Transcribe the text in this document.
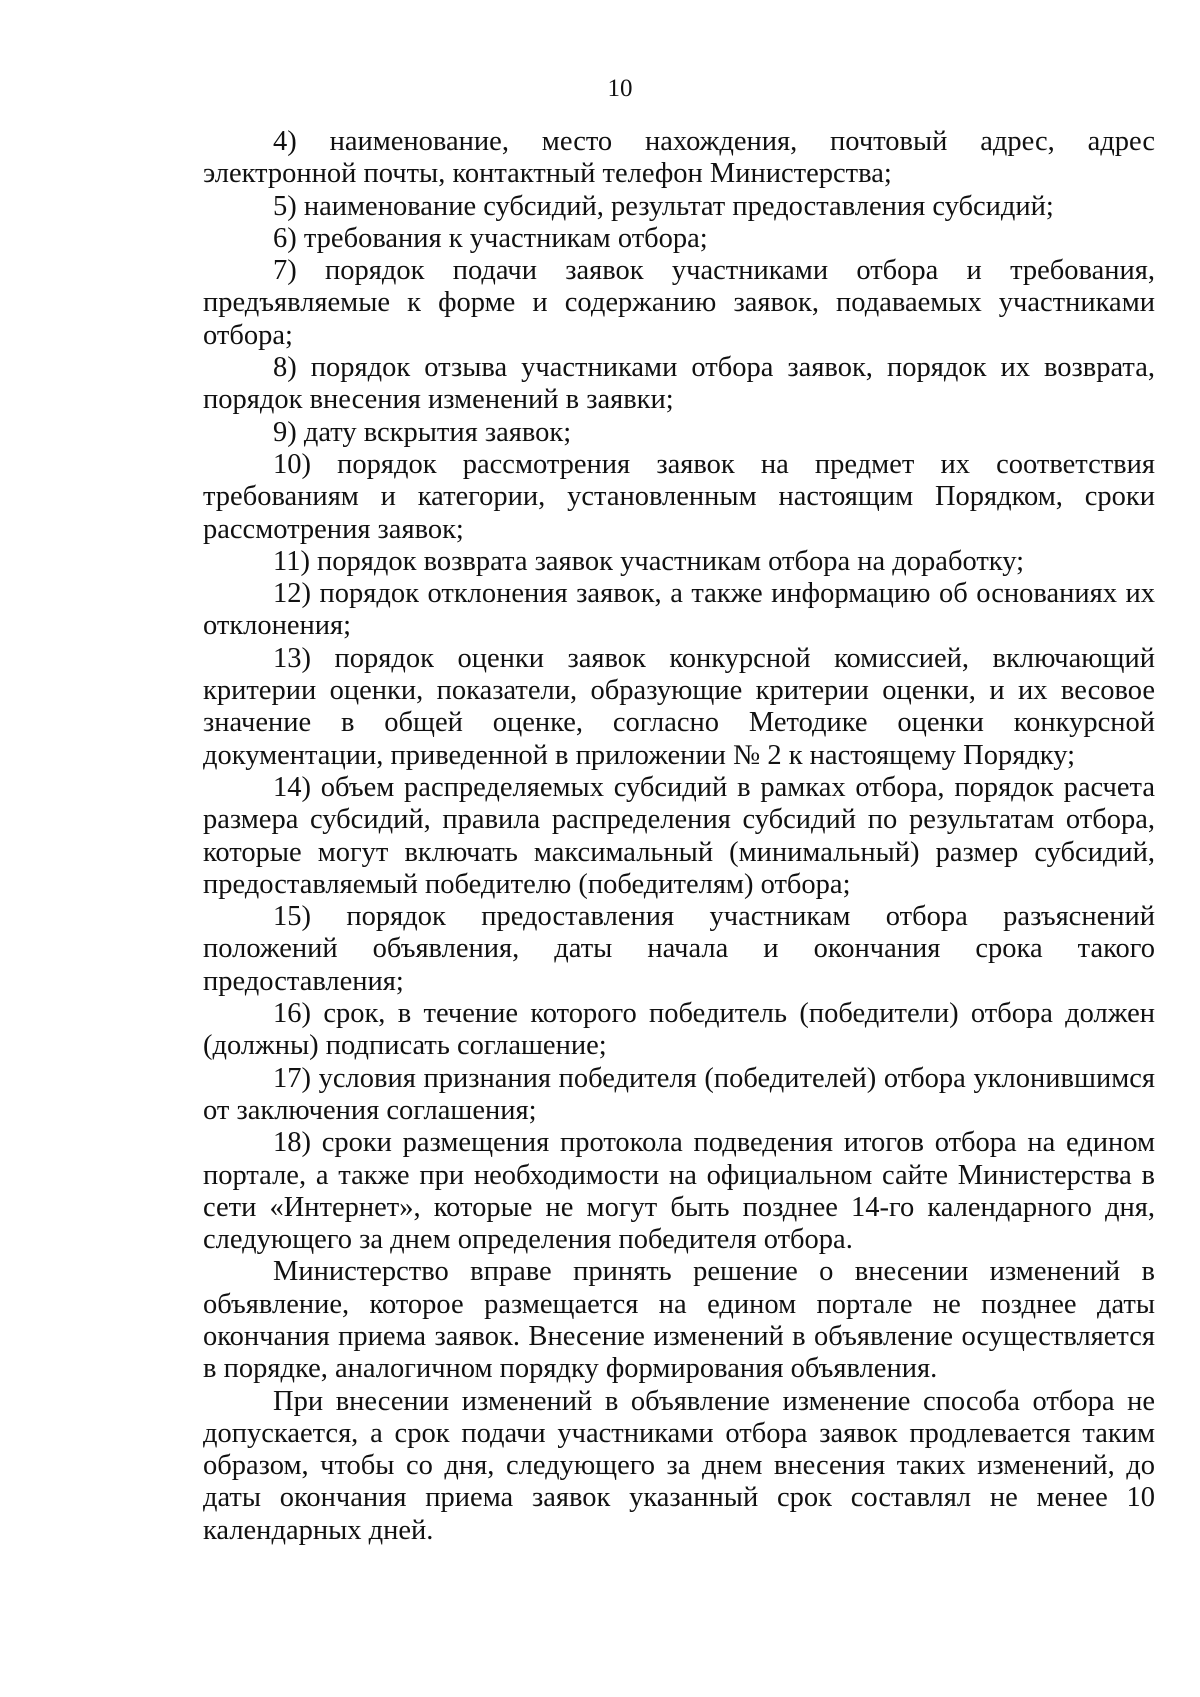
10

4) наименование, место нахождения, почтовый адрес, адрес электронной почты, контактный телефон Министерства;

5) наименование субсидий, результат предоставления субсидий;

6) требования к участникам отбора;

7) порядок подачи заявок участниками отбора и требования, предъявляемые к форме и содержанию заявок, подаваемых участниками отбора;

8) порядок отзыва участниками отбора заявок, порядок их возврата, порядок внесения изменений в заявки;

9) дату вскрытия заявок;

10) порядок рассмотрения заявок на предмет их соответствия требованиям и категории, установленным настоящим Порядком, сроки рассмотрения заявок;

11) порядок возврата заявок участникам отбора на доработку;

12) порядок отклонения заявок, а также информацию об основаниях их отклонения;

13) порядок оценки заявок конкурсной комиссией, включающий критерии оценки, показатели, образующие критерии оценки, и их весовое значение в общей оценке, согласно Методике оценки конкурсной документации, приведенной в приложении № 2 к настоящему Порядку;

14) объем распределяемых субсидий в рамках отбора, порядок расчета размера субсидий, правила распределения субсидий по результатам отбора, которые могут включать максимальный (минимальный) размер субсидий, предоставляемый победителю (победителям) отбора;

15) порядок предоставления участникам отбора разъяснений положений объявления, даты начала и окончания срока такого предоставления;

16) срок, в течение которого победитель (победители) отбора должен (должны) подписать соглашение;

17) условия признания победителя (победителей) отбора уклонившимся от заключения соглашения;

18) сроки размещения протокола подведения итогов отбора на едином портале, а также при необходимости на официальном сайте Министерства в сети «Интернет», которые не могут быть позднее 14-го календарного дня, следующего за днем определения победителя отбора.

Министерство вправе принять решение о внесении изменений в объявление, которое размещается на едином портале не позднее даты окончания приема заявок. Внесение изменений в объявление осуществляется в порядке, аналогичном порядку формирования объявления.

При внесении изменений в объявление изменение способа отбора не допускается, а срок подачи участниками отбора заявок продлевается таким образом, чтобы со дня, следующего за днем внесения таких изменений, до даты окончания приема заявок указанный срок составлял не менее 10 календарных дней.
